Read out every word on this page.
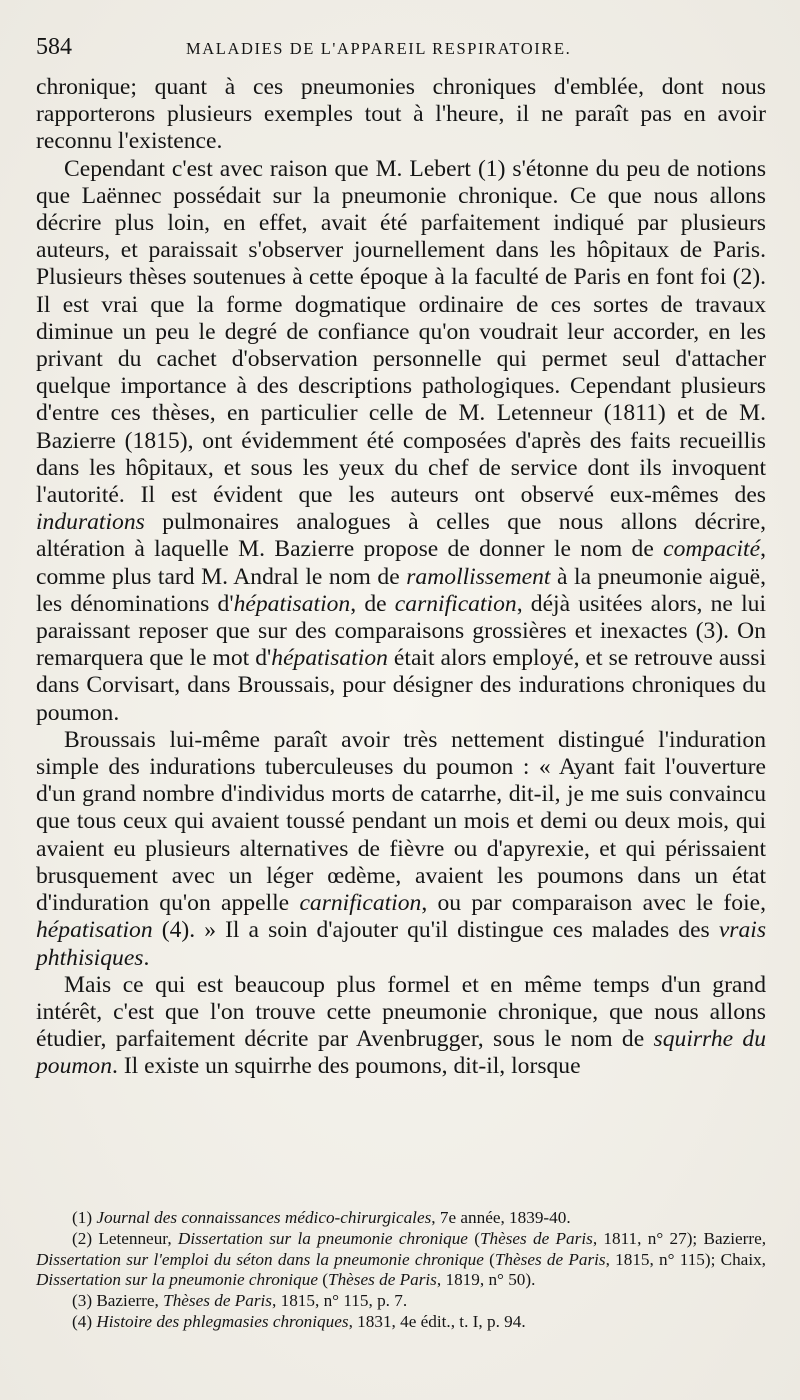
584	MALADIES DE L'APPAREIL RESPIRATOIRE.

chronique; quant à ces pneumonies chroniques d'emblée, dont nous rapporterons plusieurs exemples tout à l'heure, il ne paraît pas en avoir reconnu l'existence.

Cependant c'est avec raison que M. Lebert (1) s'étonne du peu de notions que Laënnec possédait sur la pneumonie chronique. Ce que nous allons décrire plus loin, en effet, avait été parfaitement indiqué par plusieurs auteurs, et paraissait s'observer journellement dans les hôpitaux de Paris. Plusieurs thèses soutenues à cette époque à la faculté de Paris en font foi (2). Il est vrai que la forme dogmatique ordinaire de ces sortes de travaux diminue un peu le degré de confiance qu'on voudrait leur accorder, en les privant du cachet d'observation personnelle qui permet seul d'attacher quelque importance à des descriptions pathologiques. Cependant plusieurs d'entre ces thèses, en particulier celle de M. Letenneur (1811) et de M. Bazierre (1815), ont évidemment été composées d'après des faits recueillis dans les hôpitaux, et sous les yeux du chef de service dont ils invoquent l'autorité. Il est évident que les auteurs ont observé eux-mêmes des indurations pulmonaires analogues à celles que nous allons décrire, altération à laquelle M. Bazierre propose de donner le nom de compacité, comme plus tard M. Andral le nom de ramollissement à la pneumonie aiguë, les dénominations d'hépatisation, de carnification, déjà usitées alors, ne lui paraissant reposer que sur des comparaisons grossières et inexactes (3). On remarquera que le mot d'hépatisation était alors employé, et se retrouve aussi dans Corvisart, dans Broussais, pour désigner des indurations chroniques du poumon.

Broussais lui-même paraît avoir très nettement distingué l'induration simple des indurations tuberculeuses du poumon : « Ayant fait l'ouverture d'un grand nombre d'individus morts de catarrhe, dit-il, je me suis convaincu que tous ceux qui avaient toussé pendant un mois et demi ou deux mois, qui avaient eu plusieurs alternatives de fièvre ou d'apyrexie, et qui périssaient brusquement avec un léger œdème, avaient les poumons dans un état d'induration qu'on appelle carnification, ou par comparaison avec le foie, hépatisation (4). » Il a soin d'ajouter qu'il distingue ces malades des vrais phthisiques.

Mais ce qui est beaucoup plus formel et en même temps d'un grand intérêt, c'est que l'on trouve cette pneumonie chronique, que nous allons étudier, parfaitement décrite par Avenbrugger, sous le nom de squirrhe du poumon. Il existe un squirrhe des poumons, dit-il, lorsque

(1) Journal des connaissances médico-chirurgicales, 7e année, 1839-40.

(2) Letenneur, Dissertation sur la pneumonie chronique (Thèses de Paris, 1811, n° 27); Bazierre, Dissertation sur l'emploi du séton dans la pneumonie chronique (Thèses de Paris, 1815, n° 115); Chaix, Dissertation sur la pneumonie chronique (Thèses de Paris, 1819, n° 50).

(3) Bazierre, Thèses de Paris, 1815, n° 115, p. 7.

(4) Histoire des phlegmasies chroniques, 1831, 4e édit., t. I, p. 94.
